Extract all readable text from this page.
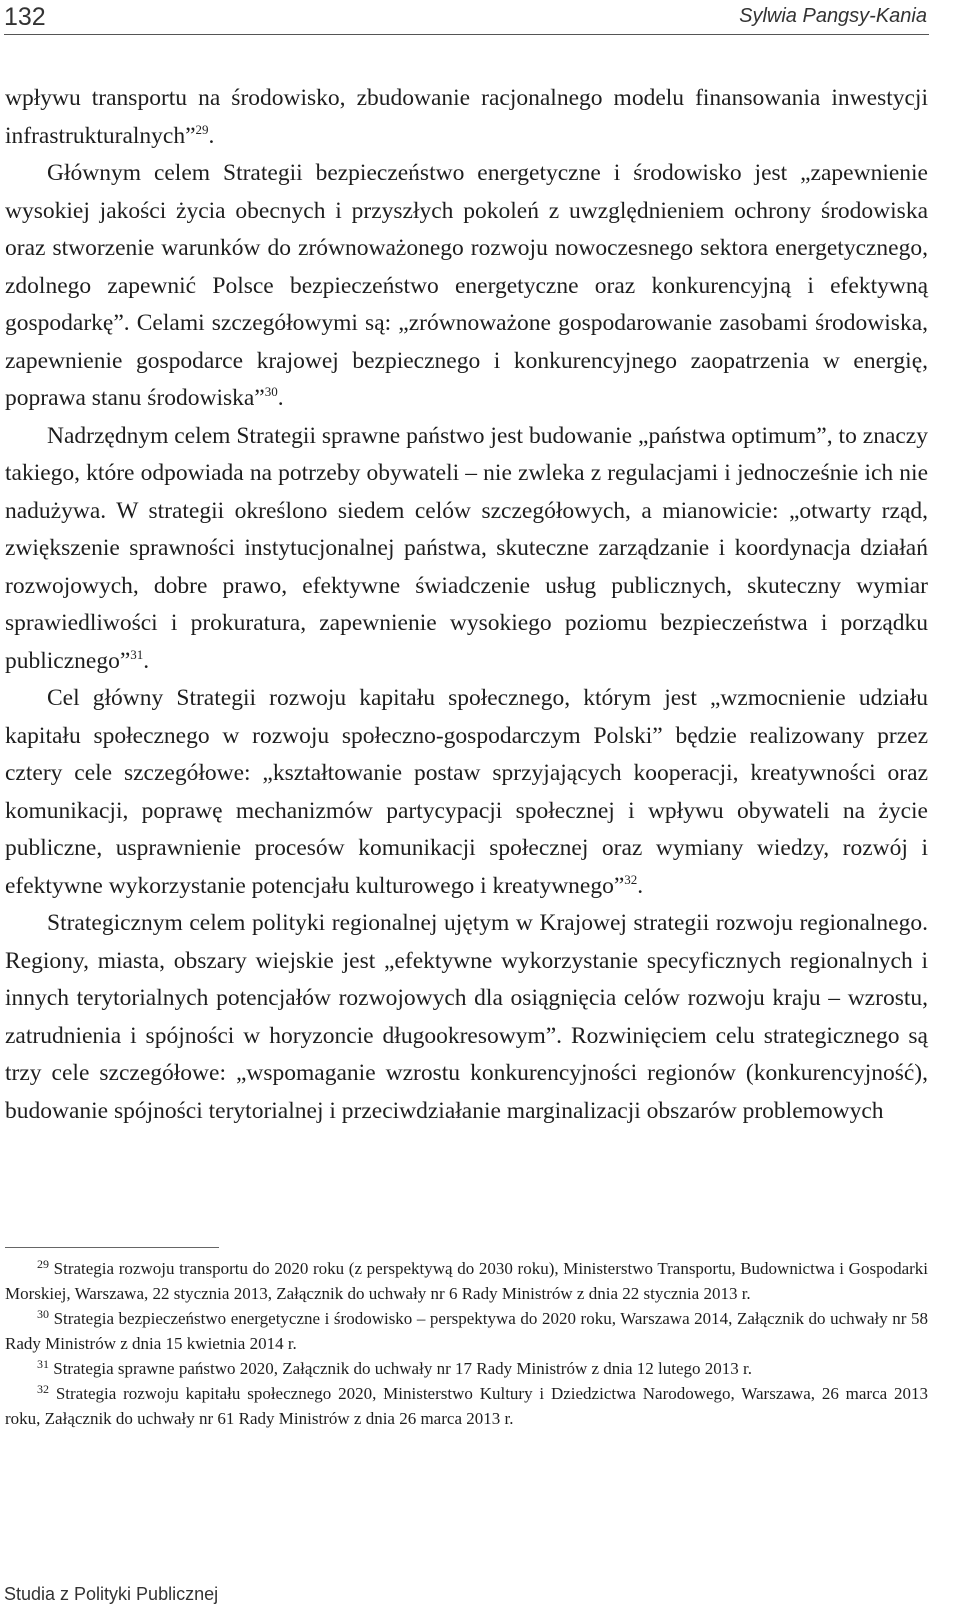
132	Sylwia Pangsy-Kania

wpływu transportu na środowisko, zbudowanie racjonalnego modelu finansowania inwestycji infrastrukturalnych”$^{29}$.

Głównym celem Strategii bezpieczeństwo energetyczne i środowisko jest „zapewnienie wysokiej jakości życia obecnych i przyszłych pokoleń z uwzględnieniem ochrony środowiska oraz stworzenie warunków do zrównoważonego rozwoju nowoczesnego sektora energetycznego, zdolnego zapewnić Polsce bezpieczeństwo energetyczne oraz konkurencyjną i efektywną gospodarkę”. Celami szczegółowymi są: „zrównoważone gospodarowanie zasobami środowiska, zapewnienie gospodarce krajowej bezpiecznego i konkurencyjnego zaopatrzenia w energię, poprawa stanu środowiska”$^{30}$.

Nadrzędnym celem Strategii sprawne państwo jest budowanie „państwa optimum”, to znaczy takiego, które odpowiada na potrzeby obywateli – nie zwleka z regulacjami i jednocześnie ich nie nadużywa. W strategii określono siedem celów szczegółowych, a mianowicie: „otwarty rząd, zwiększenie sprawności instytucjonalnej państwa, skuteczne zarządzanie i koordynacja działań rozwojowych, dobre prawo, efektywne świadczenie usług publicznych, skuteczny wymiar sprawiedliwości i prokuratura, zapewnienie wysokiego poziomu bezpieczeństwa i porządku publicznego”$^{31}$.

Cel główny Strategii rozwoju kapitału społecznego, którym jest „wzmocnienie udziału kapitału społecznego w rozwoju społeczno-gospodarczym Polski” będzie realizowany przez cztery cele szczegółowe: „kształtowanie postaw sprzyjających kooperacji, kreatywności oraz komunikacji, poprawę mechanizmów partycypacji społecznej i wpływu obywateli na życie publiczne, usprawnienie procesów komunikacji społecznej oraz wymiany wiedzy, rozwój i efektywne wykorzystanie potencjału kulturowego i kreatywnego”$^{32}$.

Strategicznym celem polityki regionalnej ujętym w Krajowej strategii rozwoju regionalnego. Regiony, miasta, obszary wiejskie jest „efektywne wykorzystanie specyficznych regionalnych i innych terytorialnych potencjałów rozwojowych dla osiągnięcia celów rozwoju kraju – wzrostu, zatrudnienia i spójności w horyzoncie długookresowym”. Rozwinięciem celu strategicznego są trzy cele szczegółowe: „wspomaganie wzrostu konkurencyjności regionów (konkurencyjność), budowanie spójności terytorialnej i przeciwdziałanie marginalizacji obszarów problemowych

$^{29}$ Strategia rozwoju transportu do 2020 roku (z perspektywą do 2030 roku), Ministerstwo Transportu, Budownictwa i Gospodarki Morskiej, Warszawa, 22 stycznia 2013, Załącznik do uchwały nr 6 Rady Ministrów z dnia 22 stycznia 2013 r.

$^{30}$ Strategia bezpieczeństwo energetyczne i środowisko – perspektywa do 2020 roku, Warszawa 2014, Załącznik do uchwały nr 58 Rady Ministrów z dnia 15 kwietnia 2014 r.

$^{31}$ Strategia sprawne państwo 2020, Załącznik do uchwały nr 17 Rady Ministrów z dnia 12 lutego 2013 r.

$^{32}$ Strategia rozwoju kapitału społecznego 2020, Ministerstwo Kultury i Dziedzictwa Narodowego, Warszawa, 26 marca 2013 roku, Załącznik do uchwały nr 61 Rady Ministrów z dnia 26 marca 2013 r.

Studia z Polityki Publicznej
